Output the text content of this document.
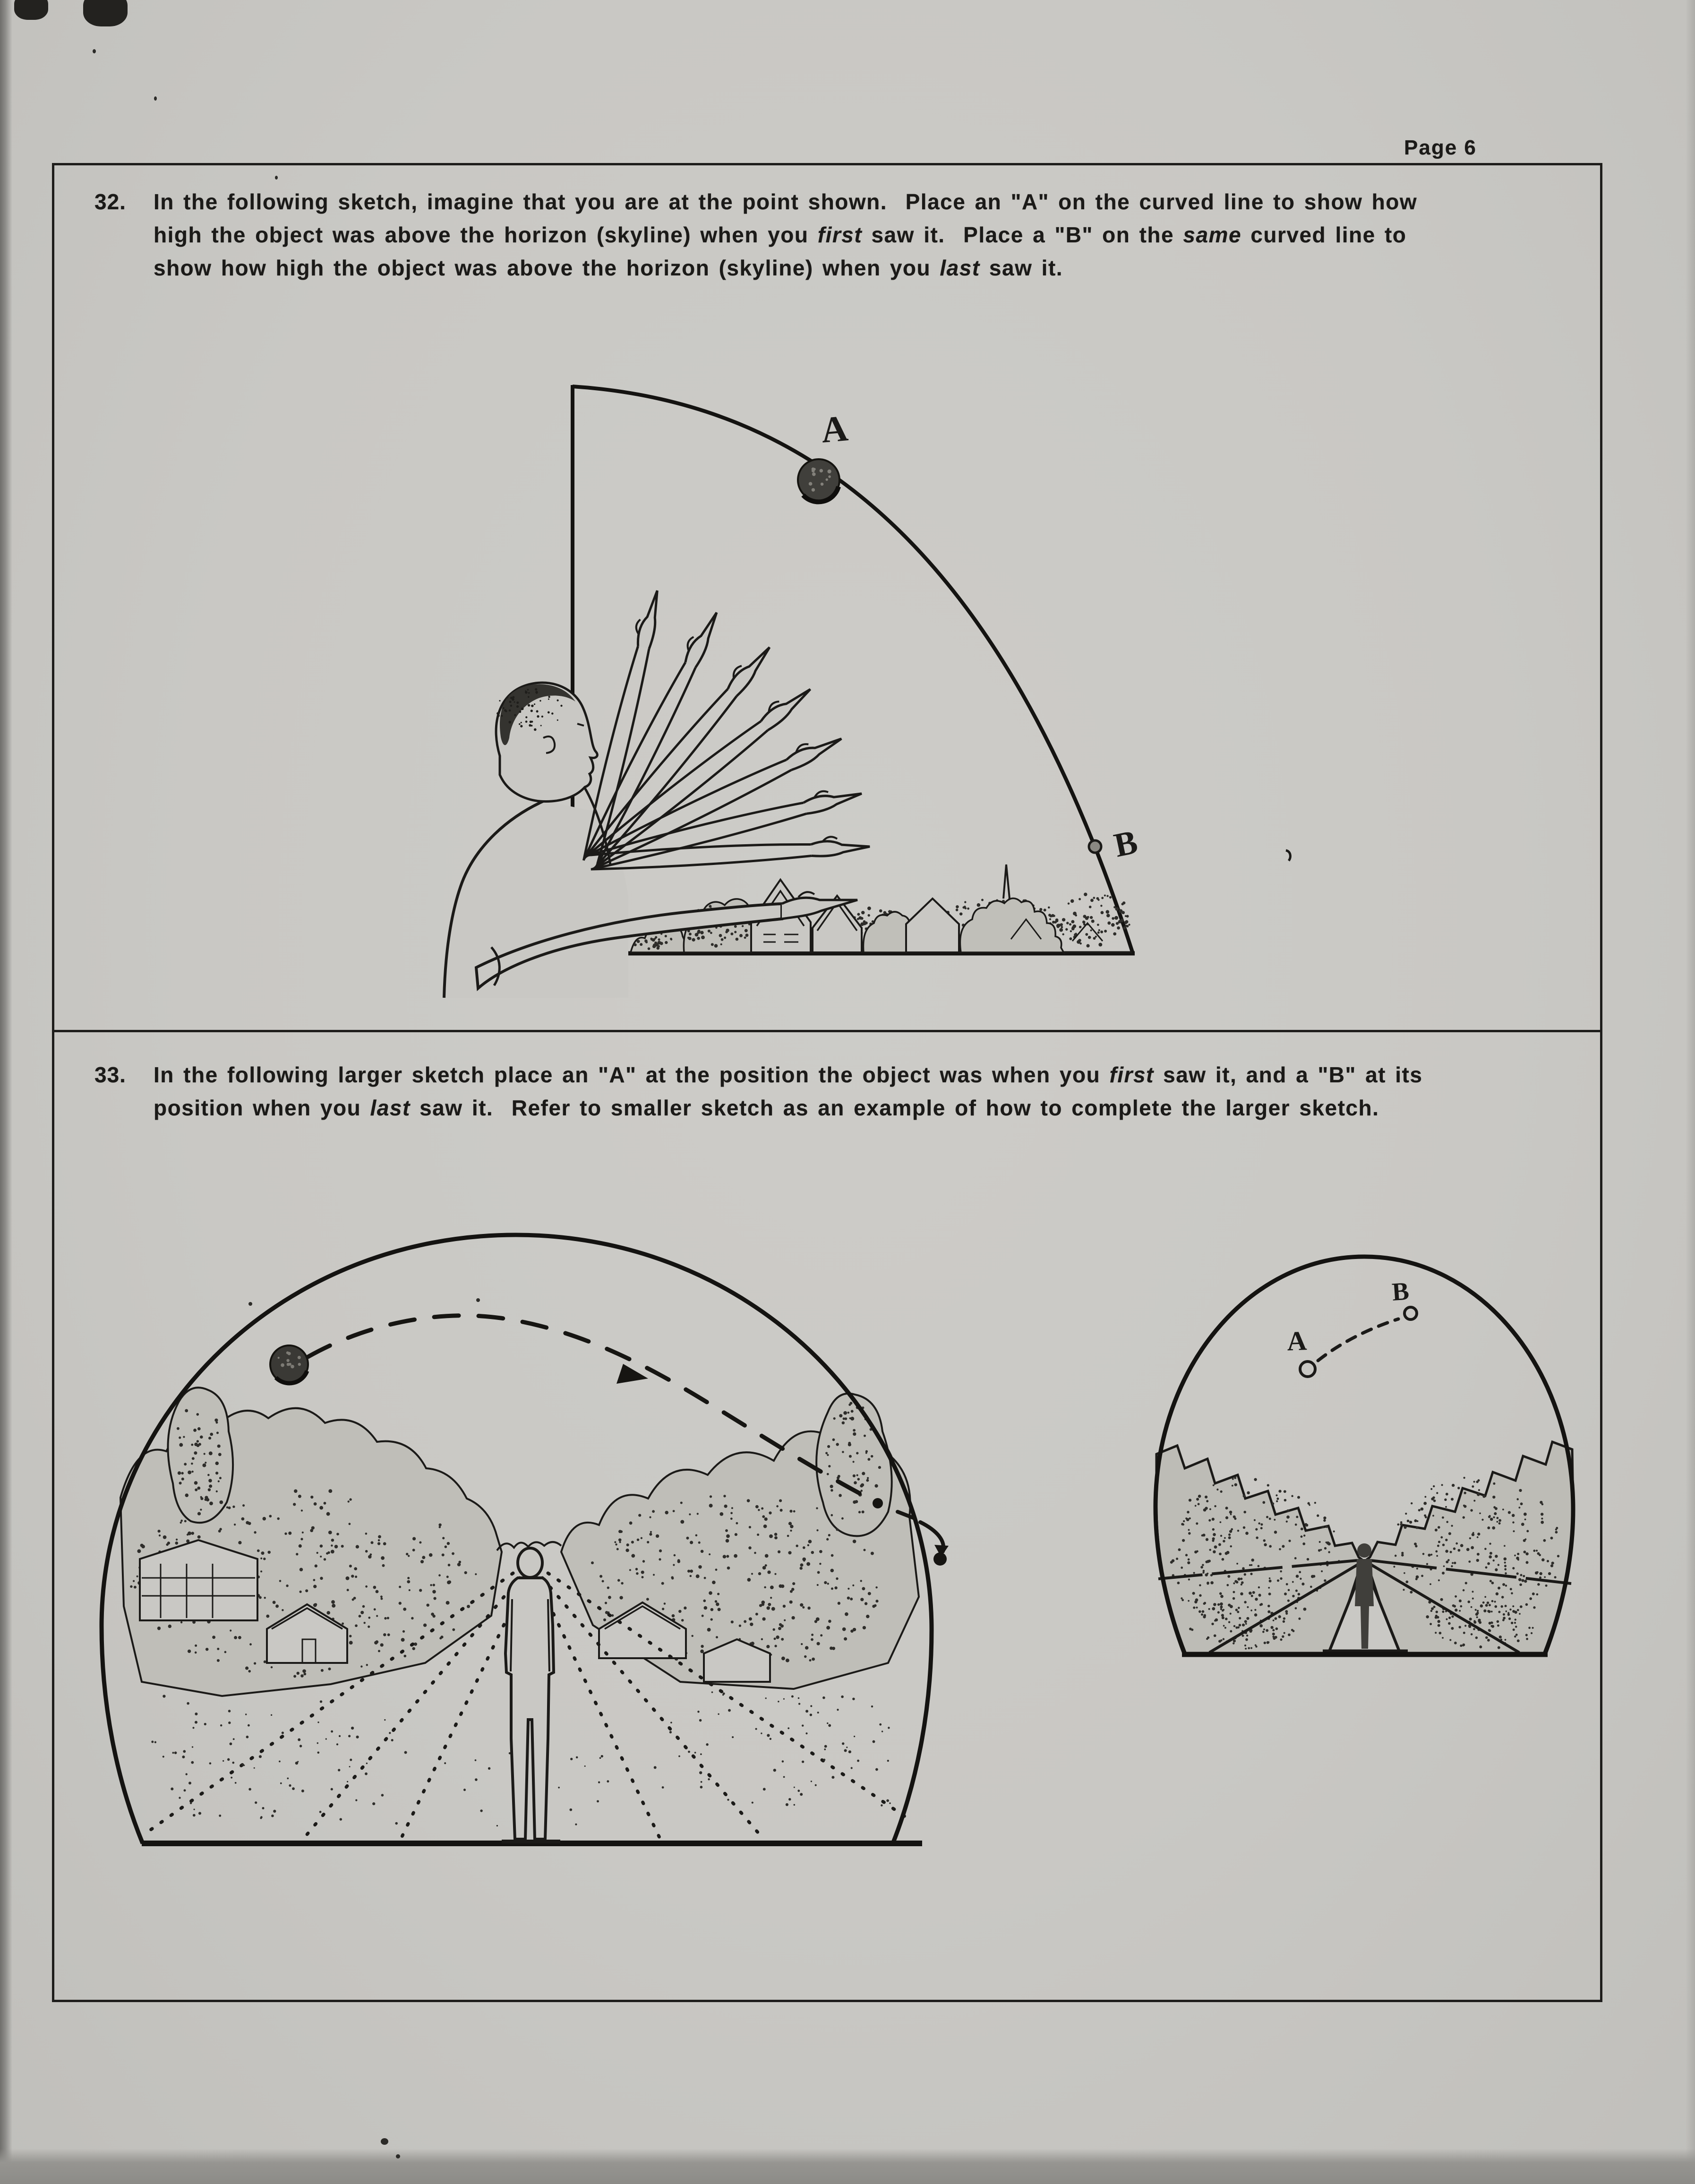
Page 6
32. In the following sketch, imagine that you are at the point shown.  Place an "A" on the curved line to show how
high the object was above the horizon (skyline) when you first saw it.  Place a "B" on the same curved line to
show how high the object was above the horizon (skyline) when you last saw it.
A
B
33. In the following larger sketch place an "A" at the position the object was when you first saw it, and a "B" at its
position when you last saw it.  Refer to smaller sketch as an example of how to complete the larger sketch.
A
B
